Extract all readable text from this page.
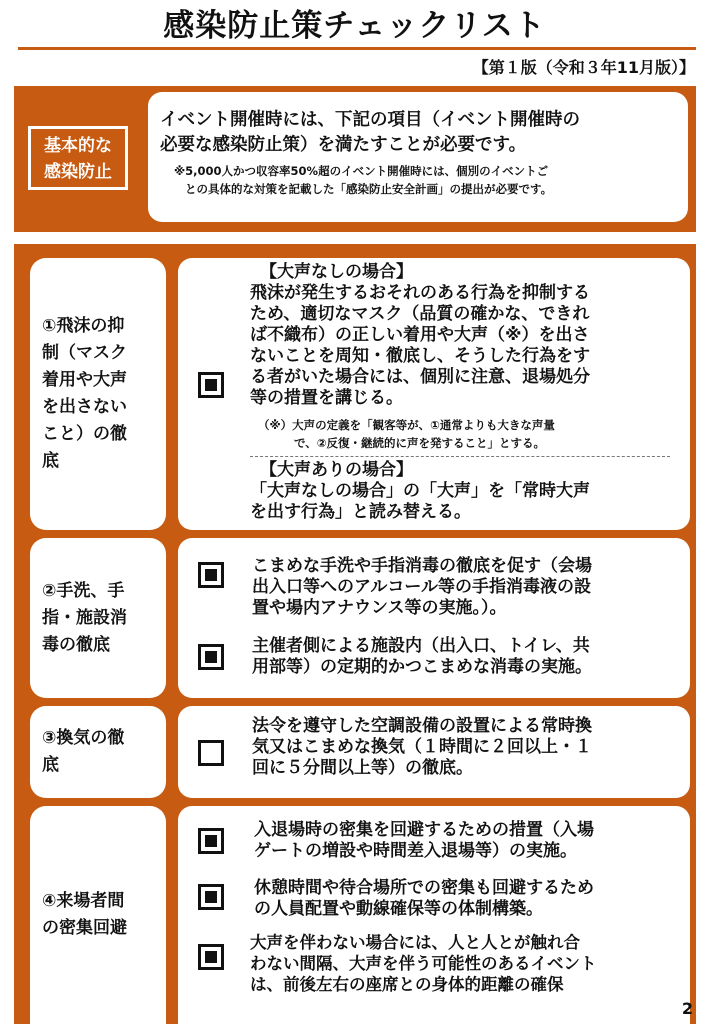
感染防止策チェックリスト
【第１版（令和３年11月版）】
基本的な
感染防止
イベント開催時には、下記の項目（イベント開催時の
必要な感染防止策）を満たすことが必要です。
※5,000人かつ収容率50%超のイベント開催時には、個別のイベントご
との具体的な対策を記載した「感染防止安全計画」の提出が必要です。
①飛沫の抑
制（マスク
着用や大声
を出さない
こと）の徹
底
【大声なしの場合】
飛沫が発生するおそれのある行為を抑制する
ため、適切なマスク（品質の確かな、できれ
ば不織布）の正しい着用や大声（※）を出さ
ないことを周知・徹底し、そうした行為をす
る者がいた場合には、個別に注意、退場処分
等の措置を講じる。
（※）大声の定義を「観客等が、①通常よりも大きな声量
で、②反復・継続的に声を発すること」とする。
【大声ありの場合】
「大声なしの場合」の「大声」を「常時大声
を出す行為」と読み替える。
②手洗、手
指・施設消
毒の徹底
こまめな手洗や手指消毒の徹底を促す（会場
出入口等へのアルコール等の手指消毒液の設
置や場内アナウンス等の実施。）。
主催者側による施設内（出入口、トイレ、共
用部等）の定期的かつこまめな消毒の実施。
③換気の徹
底
法令を遵守した空調設備の設置による常時換
気又はこまめな換気（１時間に２回以上・１
回に５分間以上等）の徹底。
④来場者間
の密集回避
入退場時の密集を回避するための措置（入場
ゲートの増設や時間差入退場等）の実施。
休憩時間や待合場所での密集も回避するため
の人員配置や動線確保等の体制構築。
大声を伴わない場合には、人と人とが触れ合
わない間隔、大声を伴う可能性のあるイベント
は、前後左右の座席との身体的距離の確保
2
